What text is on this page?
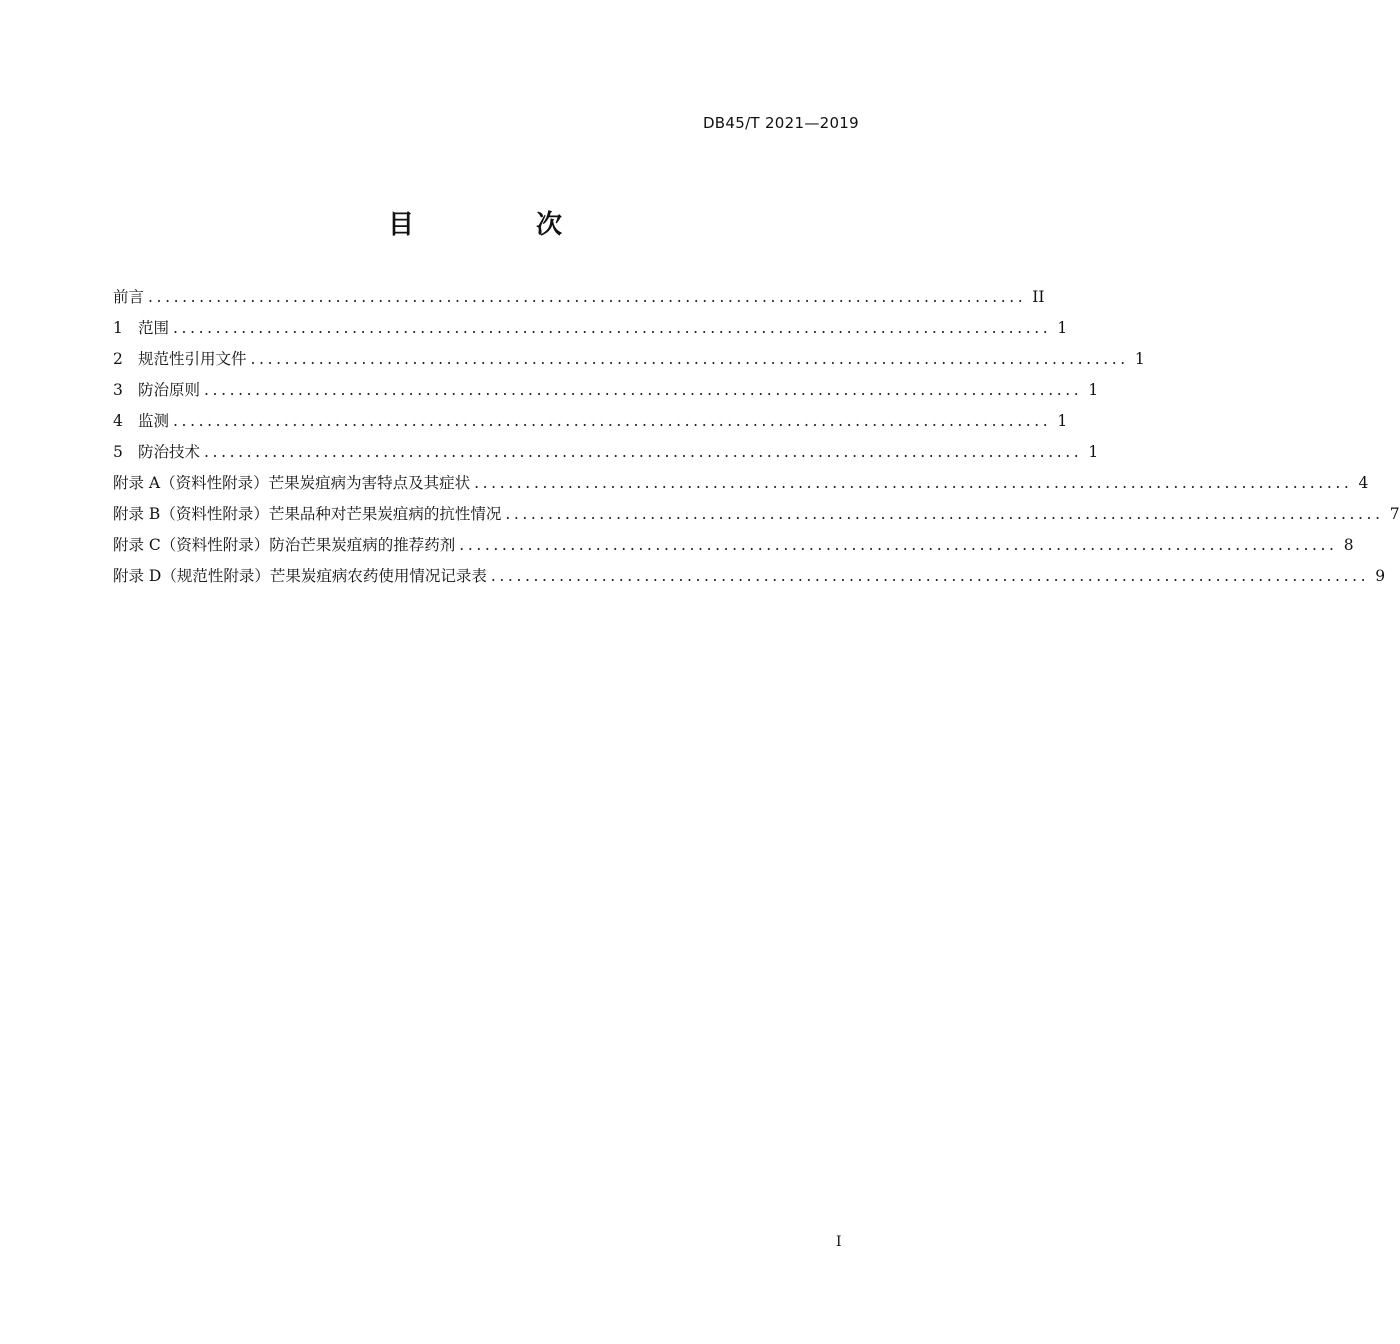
DB45/T 2021—2019
目　次
前言 ....................................................................................................... II
1 范围 ....................................................................................................... 1
2 规范性引用文件 ....................................................................................................... 1
3 防治原则 ....................................................................................................... 1
4 监测 ....................................................................................................... 1
5 防治技术 ....................................................................................................... 1
附录 A（资料性附录）芒果炭疽病为害特点及其症状 ....................................................................................................... 4
附录 B（资料性附录）芒果品种对芒果炭疽病的抗性情况 ....................................................................................................... 7
附录 C（资料性附录）防治芒果炭疽病的推荐药剂 ....................................................................................................... 8
附录 D（规范性附录）芒果炭疽病农药使用情况记录表 ....................................................................................................... 9
I
